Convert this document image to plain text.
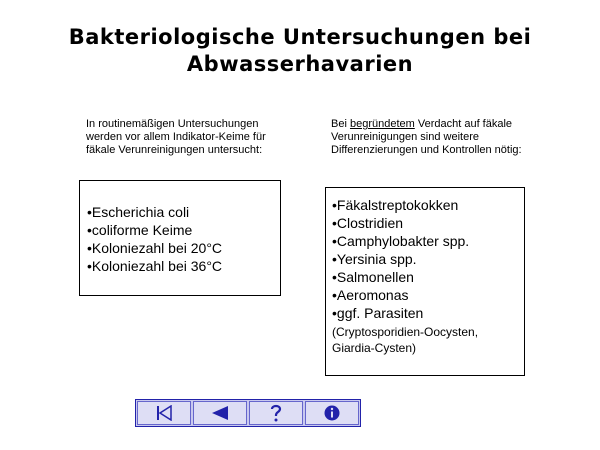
Bakteriologische Untersuchungen bei
Abwasserhavarien
In routinemäßigen Untersuchungen werden vor allem Indikator-Keime für fäkale Verunreinigungen untersucht:
Bei begründetem Verdacht auf fäkale Verunreinigungen sind weitere Differenzierungen und Kontrollen nötig:
•Escherichia coli
•coliforme Keime
•Koloniezahl bei 20°C
•Koloniezahl bei 36°C
•Fäkalstreptokokken
•Clostridien
•Camphylobakter spp.
•Yersinia spp.
•Salmonellen
•Aeromonas
•ggf. Parasiten
(Cryptosporidien-Oocysten,
Giardia-Cysten)
